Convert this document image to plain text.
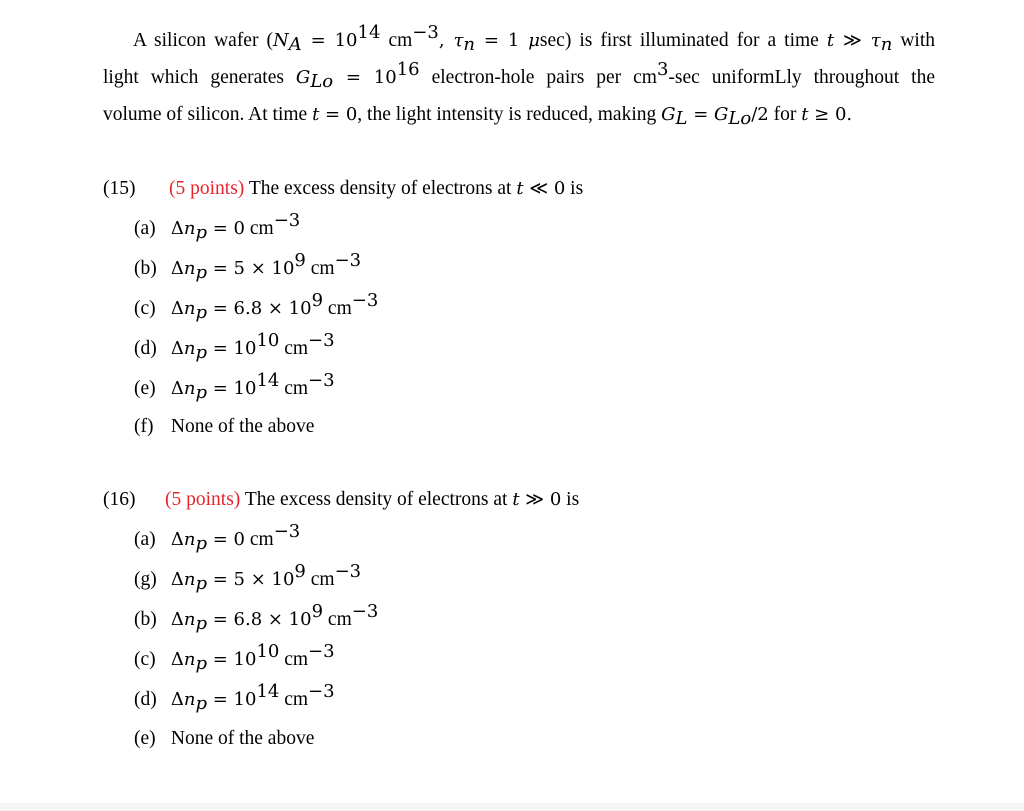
A silicon wafer ($N_A = 10^{14}$ $cm^{-3}$, $\tau_n = 1$ μsec) is first illuminated for a time t ≫ $\tau_n$ with
light which generates $G_{Lo} = 10^{16}$ electron-hole pairs per $cm^3-\sec$ uniformLly throughout the
volume of silicon. At time t = 0, the light intensity is reduced, making $G_L = G_{Lo}/2$ for t ≥ 0.
(15) (5 points) The excess density of electrons at t ≪ 0 is
(a) $\Delta n_p = 0$ $cm^{-3}$
(b) $\Delta n_p = 5 \times 10^9$ $cm^{-3}$
(c) $\Delta n_p = 6.8 \times 10^9$ $cm^{-3}$
(d) $\Delta n_p = 10^{10}$ $cm^{-3}$
(e) $\Delta n_p = 10^{14}$ $cm^{-3}$
(f) None of the above
(16) (5 points) The excess density of electrons at t ≫ 0 is
(a) $\Delta n_p = 0$ $cm^{-3}$
(g) $\Delta n_p = 5 \times 10^9$ $cm^{-3}$
(b) $\Delta n_p = 6.8 \times 10^9$ $cm^{-3}$
(c) $\Delta n_p = 10^{10}$ $cm^{-3}$
(d) $\Delta n_p = 10^{14}$ $cm^{-3}$
(e) None of the above
